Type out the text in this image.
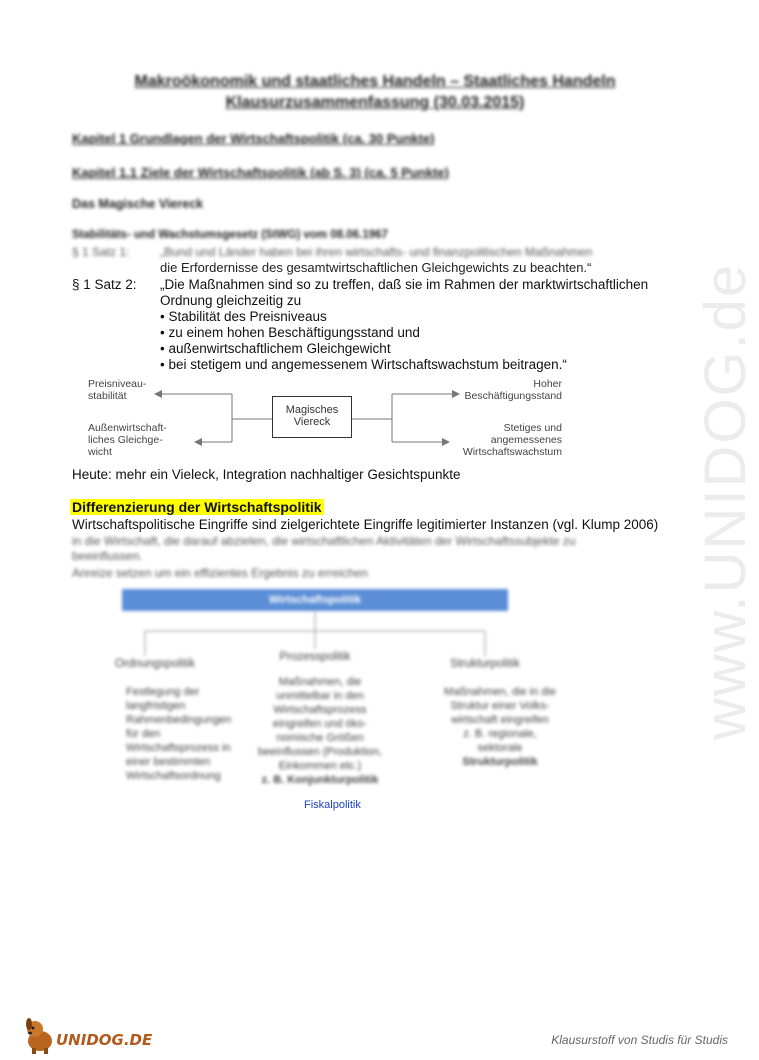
www.UNIDOG.de
Makroökonomik und staatliches Handeln – Staatliches Handeln
Klausurzusammenfassung (30.03.2015)
Kapitel 1 Grundlagen der Wirtschaftspolitik (ca. 30 Punkte)
Kapitel 1.1 Ziele der Wirtschaftspolitik (ab S. 3) (ca. 5 Punkte)
Das Magische Viereck
Stabilitäts- und Wachstumsgesetz (StWG) vom 08.06.1967
§ 1 Satz 1:	„Bund und Länder haben bei ihren wirtschafts- und finanzpolitischen Maßnahmen
die Erfordernisse des gesamtwirtschaftlichen Gleichgewichts zu beachten.“
§ 1 Satz 2: „Die Maßnahmen sind so zu treffen, daß sie im Rahmen der marktwirtschaftlichen
Ordnung gleichzeitig zu
• Stabilität des Preisniveaus
• zu einem hohen Beschäftigungsstand und
• außenwirtschaftlichem Gleichgewicht
• bei stetigem und angemessenem Wirtschaftswachstum beitragen.“
Magisches
Viereck
Preisniveau-
stabilität
Außenwirtschaft-
liches Gleichge-
wicht
Hoher
Beschäftigungsstand
Stetiges und
angemessenes
Wirtschaftswachstum
Heute: mehr ein Vieleck, Integration nachhaltiger Gesichtspunkte
Differenzierung der Wirtschaftspolitik
Wirtschaftspolitische Eingriffe sind zielgerichtete Eingriffe legitimierter Instanzen (vgl. Klump 2006)
in die Wirtschaft, die darauf abzielen, die wirtschaftlichen Aktivitäten der Wirtschaftssubjekte zu
beeinflussen.
Anreize setzen um ein effizientes Ergebnis zu erreichen
Wirtschaftspolitik
Ordnungspolitik
Prozesspolitik
Strukturpolitik
Festlegung der
langfristigen
Rahmenbedingungen
für den
Wirtschaftsprozess in
einer bestimmten
Wirtschaftsordnung
Maßnahmen, die
unmittelbar in den
Wirtschaftsprozess
eingreifen und öko-
nomische Größen
beeinflussen (Produktion,
Einkommen etc.)
z. B. Konjunkturpolitik
Maßnahmen, die in die
Struktur einer Volks-
wirtschaft eingreifen
z. B. regionale,
sektorale
Strukturpolitik
Fiskalpolitik
UNIDOG.DE	Klausurstoff von Studis für Studis
